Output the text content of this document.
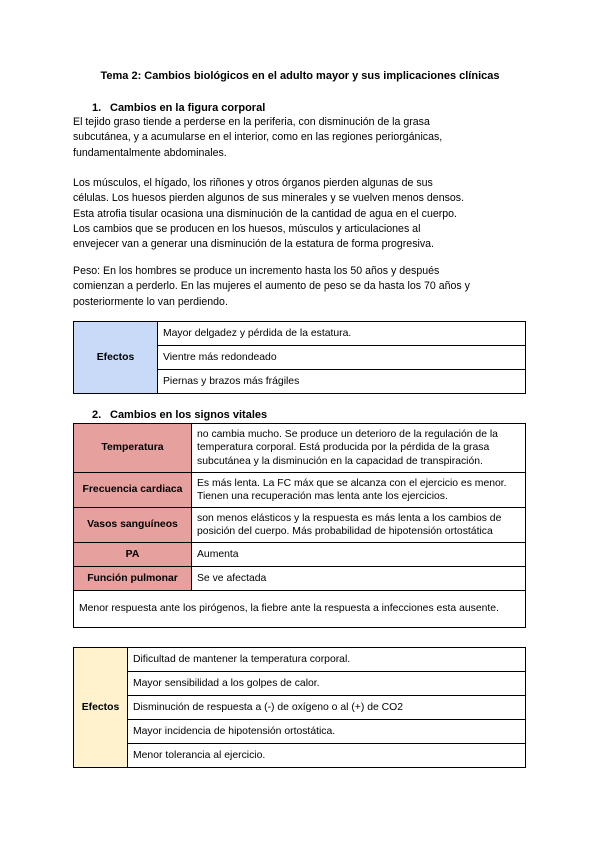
Tema 2: Cambios biológicos en el adulto mayor y sus implicaciones clínicas
1. Cambios en la figura corporal
El tejido graso tiende a perderse en la periferia, con disminución de la grasa
subcutánea, y a acumularse en el interior, como en las regiones periorgánicas,
fundamentalmente abdominales.
Los músculos, el hígado, los riñones y otros órganos pierden algunas de sus
células. Los huesos pierden algunos de sus minerales y se vuelven menos densos.
Esta atrofia tisular ocasiona una disminución de la cantidad de agua en el cuerpo.
Los cambios que se producen en los huesos, músculos y articulaciones al
envejecer van a generar una disminución de la estatura de forma progresiva.
Peso: En los hombres se produce un incremento hasta los 50 años y después
comienzan a perderlo. En las mujeres el aumento de peso se da hasta los 70 años y
posteriormente lo van perdiendo.
Efectos	Mayor delgadez y pérdida de la estatura.
Vientre más redondeado
Piernas y brazos más frágiles
2. Cambios en los signos vitales
Temperatura	no cambia mucho. Se produce un deterioro de la regulación de la temperatura corporal. Está producida por la pérdida de la grasa subcutánea y la disminución en la capacidad de transpiración.
Frecuencia cardiaca	Es más lenta. La FC máx que se alcanza con el ejercicio es menor. Tienen una recuperación mas lenta ante los ejercicios.
Vasos sanguíneos	son menos elásticos y la respuesta es más lenta a los cambios de posición del cuerpo. Más probabilidad de hipotensión ortostática
PA	Aumenta
Función pulmonar	Se ve afectada
Menor respuesta ante los pirógenos, la fiebre ante la respuesta a infecciones esta ausente.	
Efectos	Dificultad de mantener la temperatura corporal.
Mayor sensibilidad a los golpes de calor.
Disminución de respuesta a (-) de oxígeno o al (+) de CO2
Mayor incidencia de hipotensión ortostática.
Menor tolerancia al ejercicio.
